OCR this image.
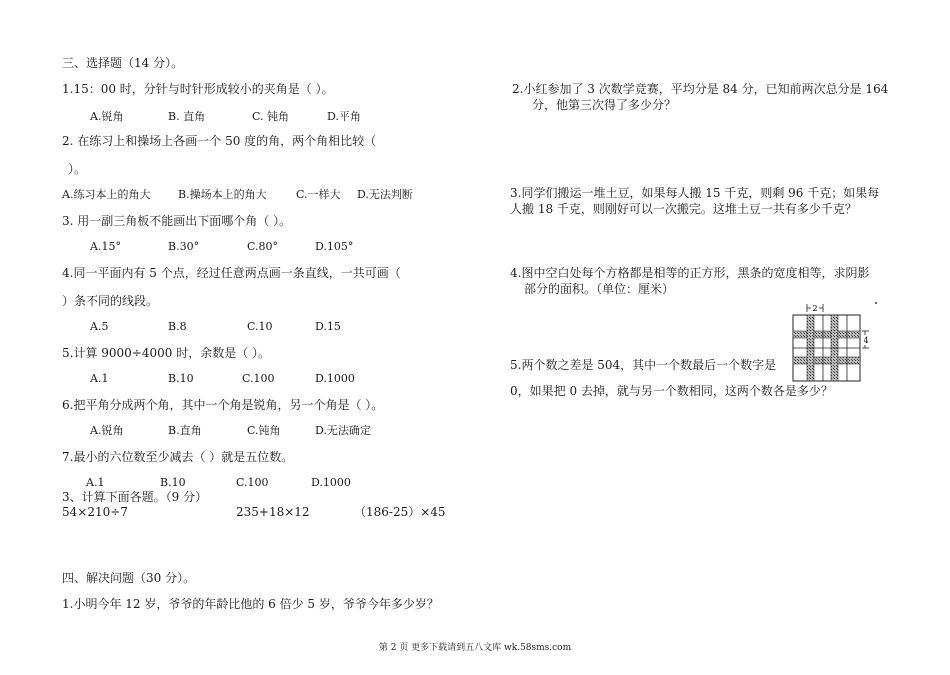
三、选择题（14 分）。
1.15：00 时，分针与时针形成较小的夹角是（ ）。
A.锐角	B. 直角	C. 钝角	D.平角
2. 在练习上和操场上各画一个 50 度的角，两个角相比较（
）。
A.练习本上的角大	B.操场本上的角大	C.一样大 D.无法判断
3. 用一副三角板不能画出下面哪个角（ ）。
A.15°	B.30°	C.80°	D.105°
4.同一平面内有 5 个点，经过任意两点画一条直线，一共可画（
）条不同的线段。
A.5	B.8	C.10	D.15
5.计算 9000÷4000 时，余数是（ ）。
A.1	B.10	C.100	D.1000
6.把平角分成两个角，其中一个角是锐角，另一个角是（ ）。
A.锐角	B.直角	C.钝角	D.无法确定
7.最小的六位数至少减去（ ）就是五位数。
A.1	B.10	C.100	D.1000
3、计算下面各题。（9 分）
54×210÷7	235+18×12	（186-25）×45
四、解决问题（30 分）。
1.小明今年 12 岁，爷爷的年龄比他的 6 倍少 5 岁，爷爷今年多少岁？
2.小红参加了 3 次数学竞赛，平均分是 84 分，已知前两次总分是 164
分，他第三次得了多少分？
3.同学们搬运一堆土豆，如果每人搬 15 千克，则剩 96 千克；如果每
人搬 18 千克，则刚好可以一次搬完。这堆土豆一共有多少千克？
4.图中空白处每个方格都是相等的正方形，黑条的宽度相等，求阴影
部分的面积。（单位：厘米）
5.两个数之差是 504，其中一个数最后一个数字是
0，如果把 0 去掉，就与另一个数相同，这两个数各是多少？
2
4
第 2 页 更多下载请到五八文库 wk.58sms.com
